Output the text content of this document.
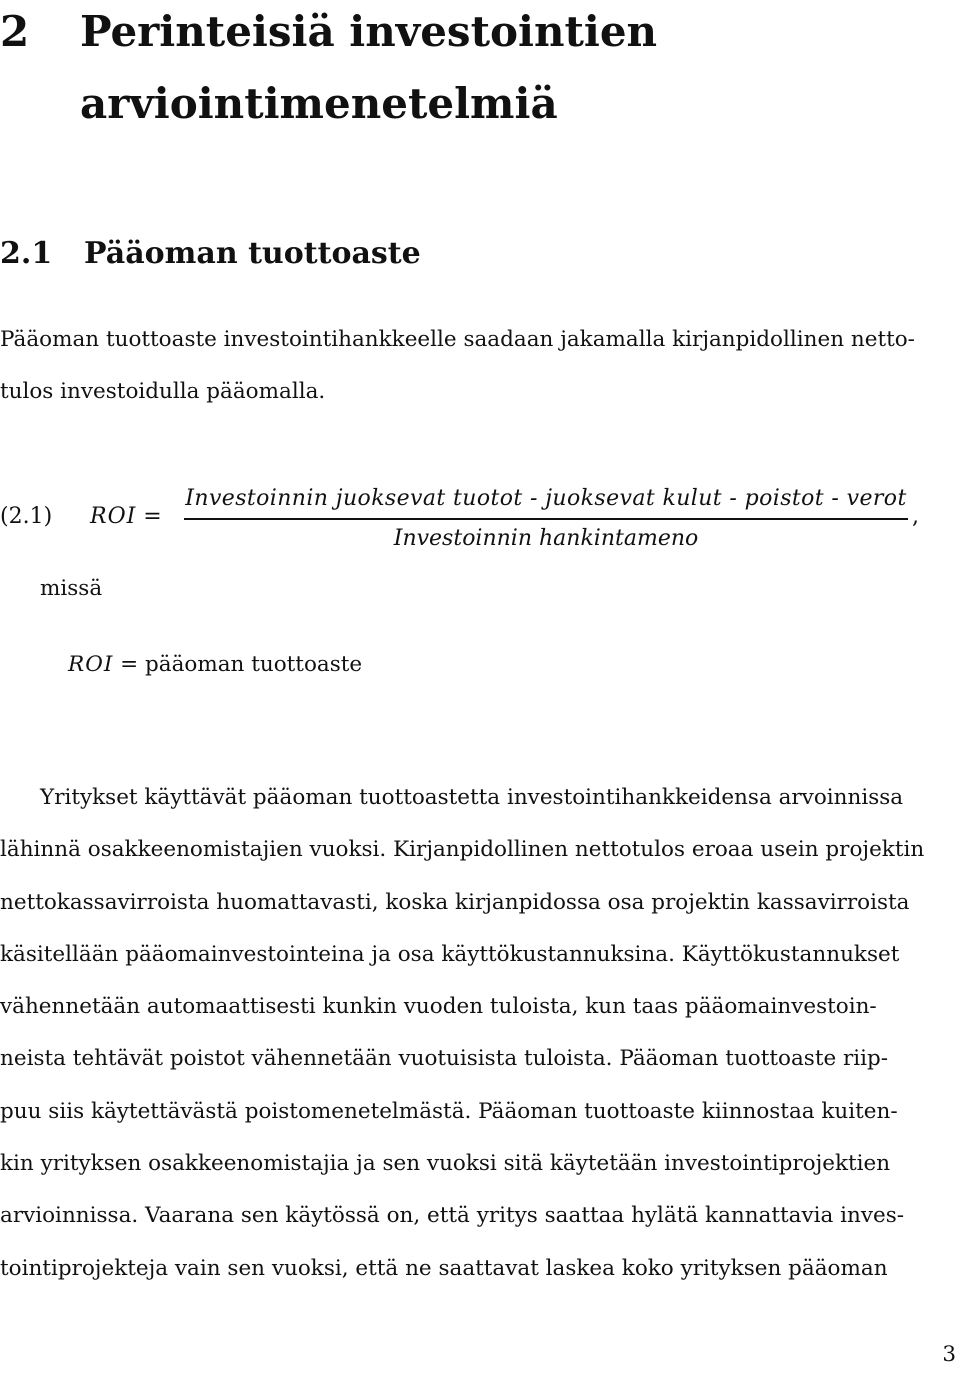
2 Perinteisiä investointien
arviointimenetelmiä
2.1 Pääoman tuottoaste
Pääoman tuottoaste investointihankkeelle saadaan jakamalla kirjanpidollinen netto-
tulos investoidulla pääomalla.
(2.1) ROI =
Investoinnin juoksevat tuotot - juoksevat kulut - poistot - verot
Investoinnin hankintameno
,
missä
ROI = pääoman tuottoaste
Yritykset käyttävät pääoman tuottoastetta investointihankkeidensa arvoinnissa
lähinnä osakkeenomistajien vuoksi. Kirjanpidollinen nettotulos eroaa usein projektin
nettokassavirroista huomattavasti, koska kirjanpidossa osa projektin kassavirroista
käsitellään pääomainvestointeina ja osa käyttökustannuksina. Käyttökustannukset
vähennetään automaattisesti kunkin vuoden tuloista, kun taas pääomainvestoin-
neista tehtävät poistot vähennetään vuotuisista tuloista. Pääoman tuottoaste riip-
puu siis käytettävästä poistomenetelmästä. Pääoman tuottoaste kiinnostaa kuiten-
kin yrityksen osakkeenomistajia ja sen vuoksi sitä käytetään investointiprojektien
arvioinnissa. Vaarana sen käytössä on, että yritys saattaa hylätä kannattavia inves-
tointiprojekteja vain sen vuoksi, että ne saattavat laskea koko yrityksen pääoman
3
